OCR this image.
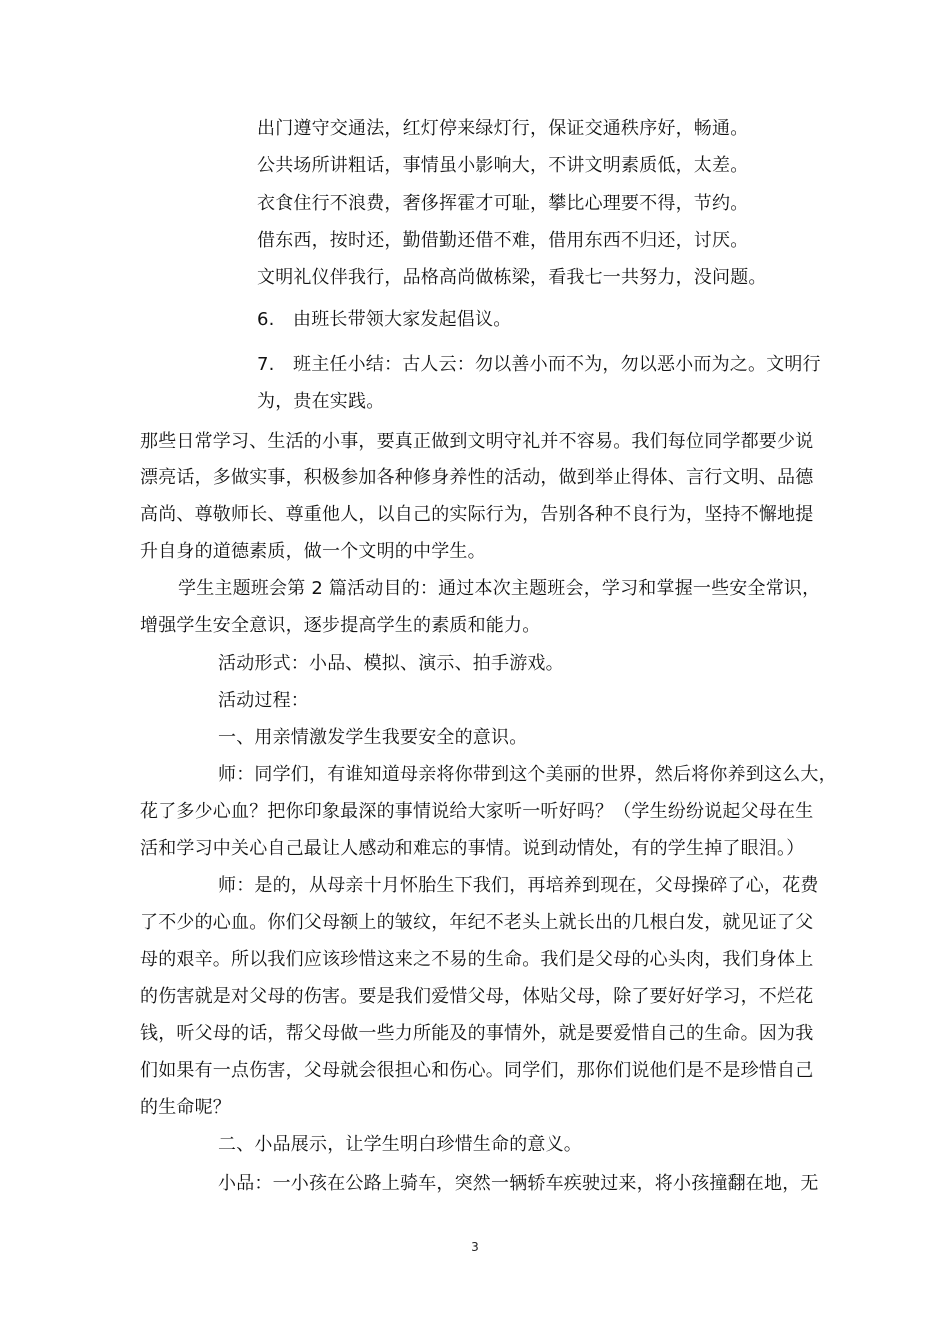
出门遵守交通法，红灯停来绿灯行，保证交通秩序好，畅通。
公共场所讲粗话，事情虽小影响大，不讲文明素质低，太差。
衣食住行不浪费，奢侈挥霍才可耻，攀比心理要不得，节约。
借东西，按时还，勤借勤还借不难，借用东西不归还，讨厌。
文明礼仪伴我行，品格高尚做栋梁，看我七一共努力，没问题。
6. 由班长带领大家发起倡议。
7. 班主任小结：古人云：勿以善小而不为，勿以恶小而为之。文明行
为，贵在实践。
那些日常学习、生活的小事，要真正做到文明守礼并不容易。我们每位同学都要少说
漂亮话，多做实事，积极参加各种修身养性的活动，做到举止得体、言行文明、品德
高尚、尊敬师长、尊重他人，以自己的实际行为，告别各种不良行为，坚持不懈地提
升自身的道德素质，做一个文明的中学生。
学生主题班会第 2 篇活动目的：通过本次主题班会，学习和掌握一些安全常识，
增强学生安全意识，逐步提高学生的素质和能力。
活动形式：小品、模拟、演示、拍手游戏。
活动过程：
一、用亲情激发学生我要安全的意识。
师：同学们，有谁知道母亲将你带到这个美丽的世界，然后将你养到这么大，
花了多少心血？把你印象最深的事情说给大家听一听好吗？（学生纷纷说起父母在生
活和学习中关心自己最让人感动和难忘的事情。说到动情处，有的学生掉了眼泪。）
师：是的，从母亲十月怀胎生下我们，再培养到现在，父母操碎了心，花费
了不少的心血。你们父母额上的皱纹，年纪不老头上就长出的几根白发，就见证了父
母的艰辛。所以我们应该珍惜这来之不易的生命。我们是父母的心头肉，我们身体上
的伤害就是对父母的伤害。要是我们爱惜父母，体贴父母，除了要好好学习，不烂花
钱，听父母的话，帮父母做一些力所能及的事情外，就是要爱惜自己的生命。因为我
们如果有一点伤害，父母就会很担心和伤心。同学们，那你们说他们是不是珍惜自己
的生命呢？
二、小品展示，让学生明白珍惜生命的意义。
小品：一小孩在公路上骑车，突然一辆轿车疾驶过来，将小孩撞翻在地，无
3
